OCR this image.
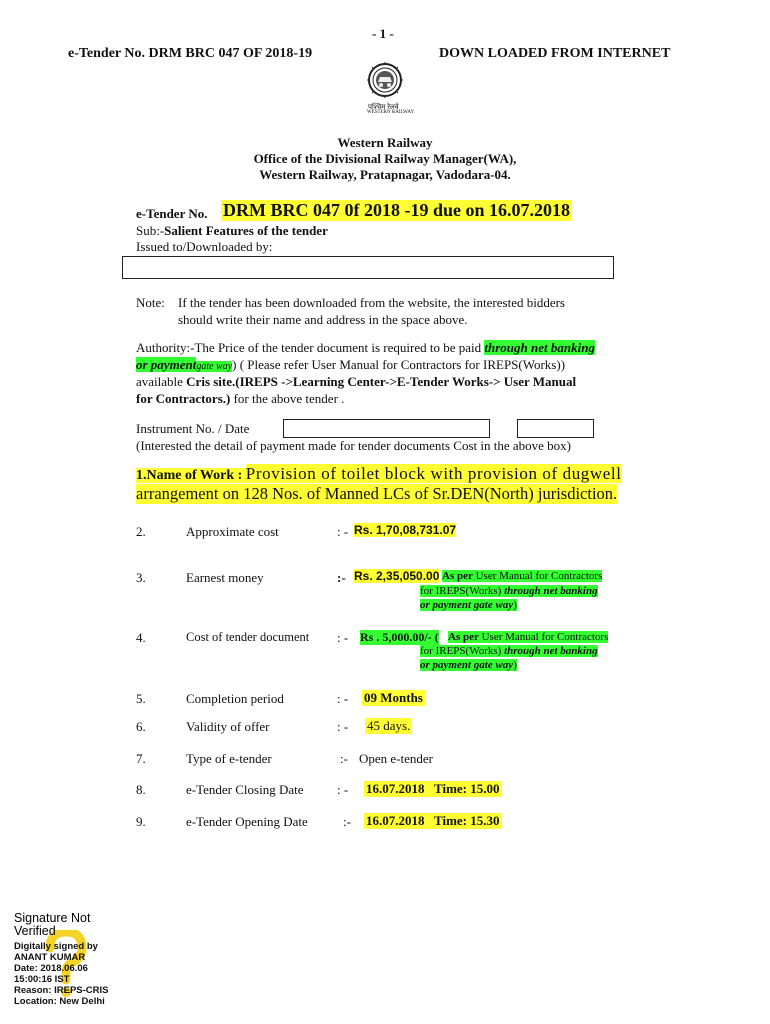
- 1 -
e-Tender No. DRM BRC 047 OF 2018-19	DOWN LOADED FROM INTERNET
पश्चिम रेलवे
WESTERN RAILWAY
Western Railway
Office of the Divisional Railway Manager(WA),
Western Railway, Pratapnagar, Vadodara-04.
e-Tender No. DRM BRC 047 0f 2018 -19 due on 16.07.2018
Sub:-Salient Features of the tender
Issued to/Downloaded by:
Note: If the tender has been downloaded from the website, the interested bidders
should write their name and address in the space above.
Authority:-The Price of the tender document is required to be paid through net banking
or paymentgate way) ( Please refer User Manual for Contractors for IREPS(Works))
available Cris site.(IREPS ->Learning Center->E-Tender Works-> User Manual
for Contractors.) for the above tender .
Instrument No. / Date
(Interested the detail of payment made for tender documents Cost in the above box)
1.Name of Work : Provision of toilet block with provision of dugwell
arrangement on 128 Nos. of Manned LCs of Sr.DEN(North) jurisdiction.
2.	Approximate cost	: - Rs. 1,70,08,731.07
3.	Earnest money	:- Rs. 2,35,050.00 As per User Manual for Contractors
for IREPS(Works) through net banking
or payment gate way)
4.	Cost of tender document : - Rs . 5,000.00/- ( As per User Manual for Contractors
for IREPS(Works) through net banking
or payment gate way)
5.	Completion period	: - 09 Months
6.	Validity of offer	: - 45 days.
7.	Type of e-tender	:- Open e-tender
8.	e-Tender Closing Date	: - 16.07.2018   Time: 15.00
9.	e-Tender Opening Date	:- 16.07.2018   Time: 15.30
Signature Not
Verified
Digitally signed by
ANANT KUMAR
Date: 2018.06.06
15:00:16 IST
Reason: IREPS-CRIS
Location: New Delhi
